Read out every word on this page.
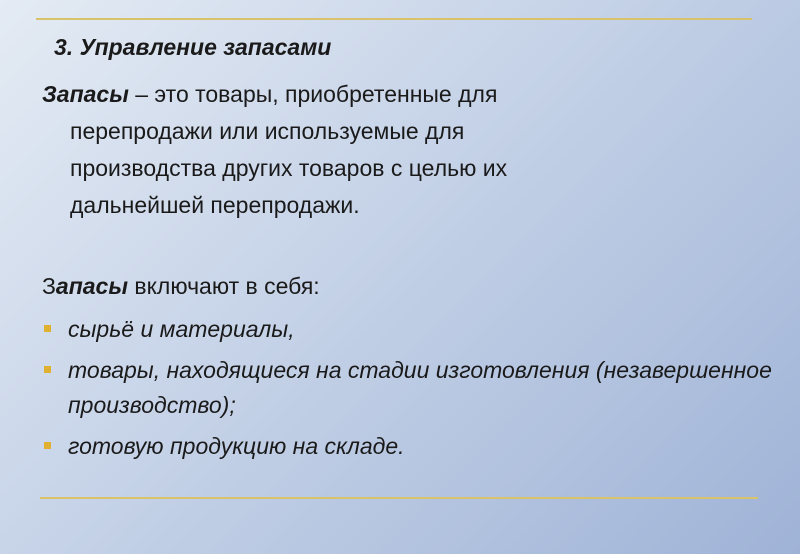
3. Управление запасами

Запасы – это товары, приобретенные для
перепродажи или используемые для
производства других товаров с целью их
дальнейшей перепродажи.

Запасы включают в себя:

сырьё и материалы,
товары, находящиеся на стадии изготовления (незавершенное производство);
готовую продукцию на складе.
